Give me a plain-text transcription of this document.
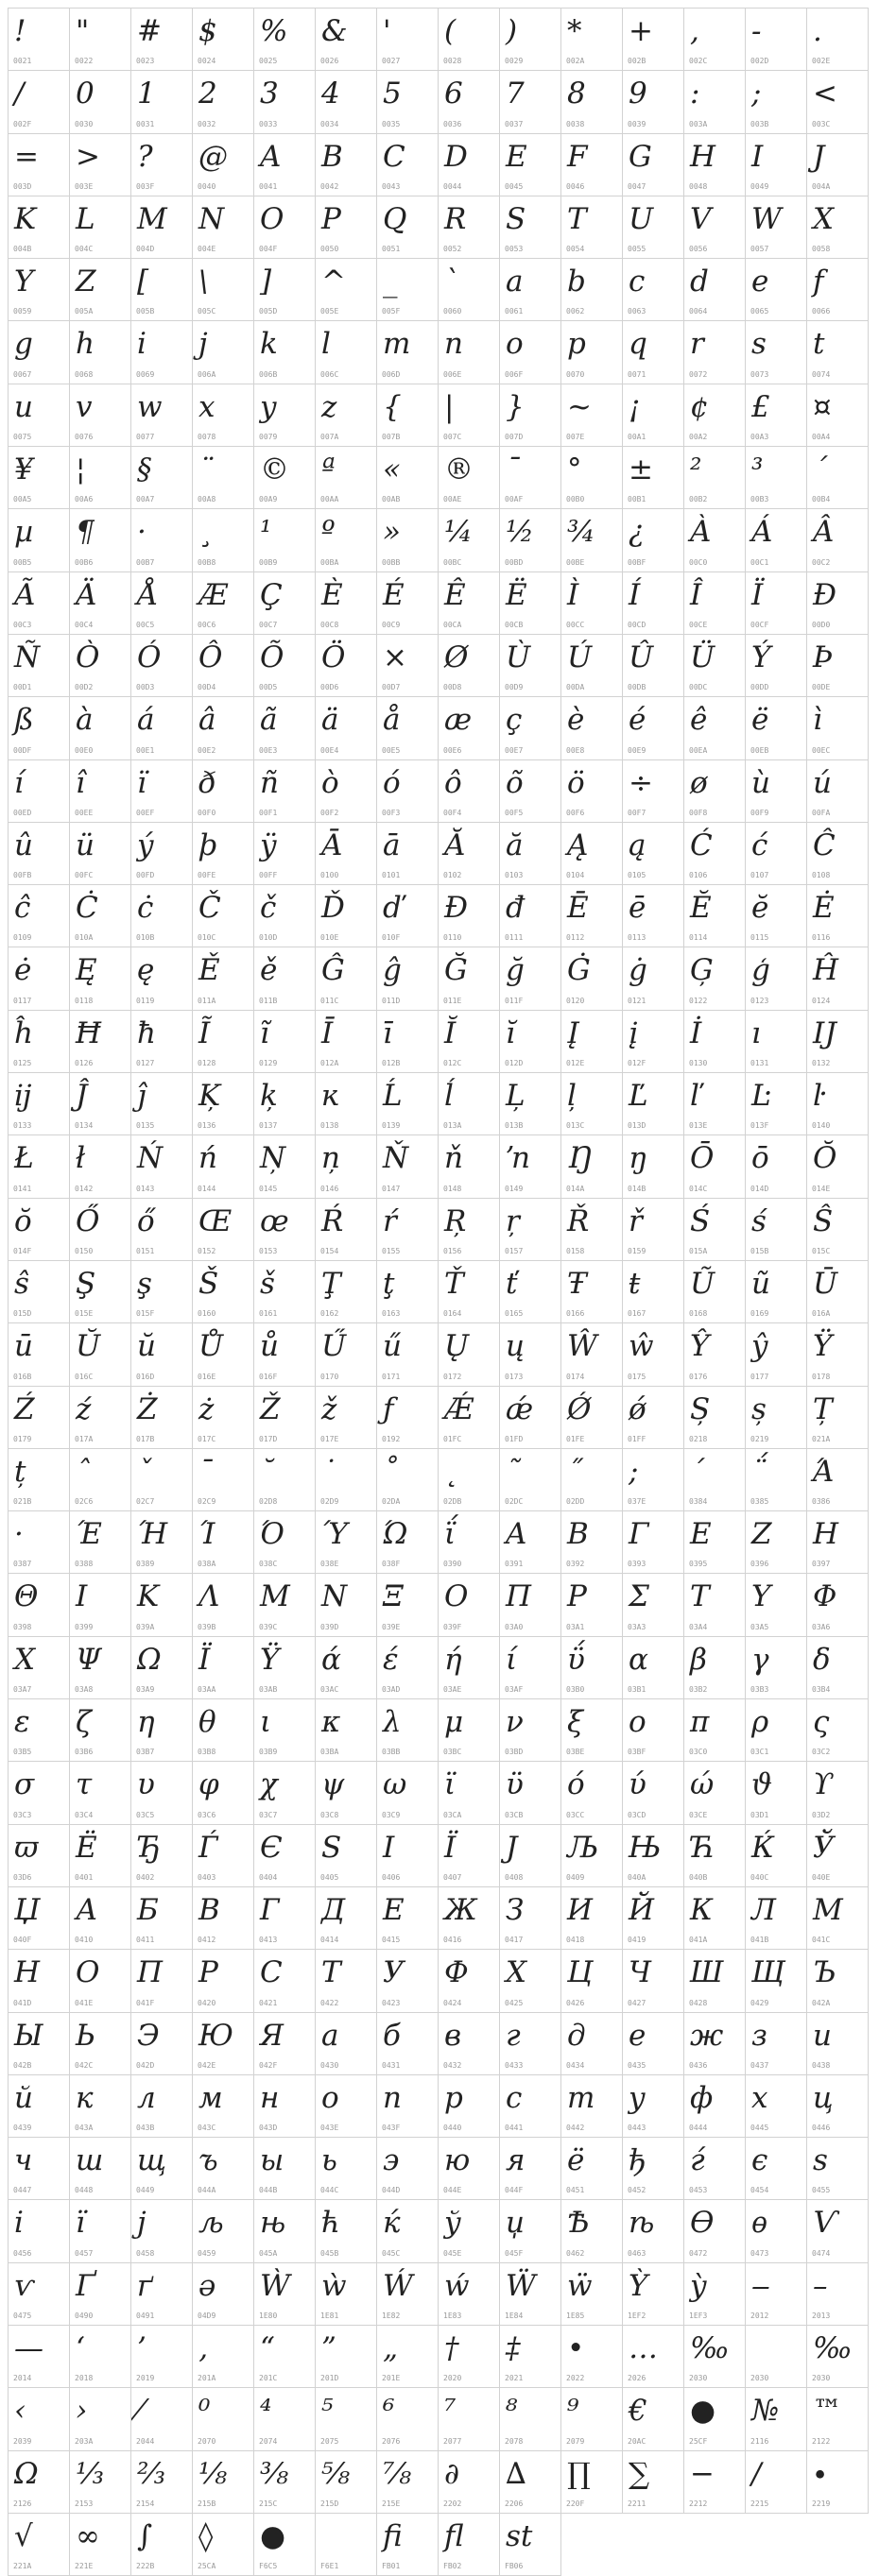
!
0021
"
0022
#
0023
$
0024
%
0025
&
0026
'
0027
(
0028
)
0029
*
002A
+
002B
,
002C
-
002D
.
002E
/
002F
0
0030
1
0031
2
0032
3
0033
4
0034
5
0035
6
0036
7
0037
8
0038
9
0039
:
003A
;
003B
<
003C
=
003D
>
003E
?
003F
@
0040
A
0041
B
0042
C
0043
D
0044
E
0045
F
0046
G
0047
H
0048
I
0049
J
004A
K
004B
L
004C
M
004D
N
004E
O
004F
P
0050
Q
0051
R
0052
S
0053
T
0054
U
0055
V
0056
W
0057
X
0058
Y
0059
Z
005A
[
005B
\
005C
]
005D
^
005E
_
005F
`
0060
a
0061
b
0062
c
0063
d
0064
e
0065
f
0066
g
0067
h
0068
i
0069
j
006A
k
006B
l
006C
m
006D
n
006E
o
006F
p
0070
q
0071
r
0072
s
0073
t
0074
u
0075
v
0076
w
0077
x
0078
y
0079
z
007A
{
007B
|
007C
}
007D
~
007E
¡
00A1
¢
00A2
£
00A3
¤
00A4
¥
00A5
¦
00A6
§
00A7
¨
00A8
©
00A9
ª
00AA
«
00AB
®
00AE
¯
00AF
°
00B0
±
00B1
²
00B2
³
00B3
´
00B4
µ
00B5
¶
00B6
·
00B7
¸
00B8
¹
00B9
º
00BA
»
00BB
¼
00BC
½
00BD
¾
00BE
¿
00BF
À
00C0
Á
00C1
Â
00C2
Ã
00C3
Ä
00C4
Å
00C5
Æ
00C6
Ç
00C7
È
00C8
É
00C9
Ê
00CA
Ë
00CB
Ì
00CC
Í
00CD
Î
00CE
Ï
00CF
Ð
00D0
Ñ
00D1
Ò
00D2
Ó
00D3
Ô
00D4
Õ
00D5
Ö
00D6
×
00D7
Ø
00D8
Ù
00D9
Ú
00DA
Û
00DB
Ü
00DC
Ý
00DD
Þ
00DE
ß
00DF
à
00E0
á
00E1
â
00E2
ã
00E3
ä
00E4
å
00E5
æ
00E6
ç
00E7
è
00E8
é
00E9
ê
00EA
ë
00EB
ì
00EC
í
00ED
î
00EE
ï
00EF
ð
00F0
ñ
00F1
ò
00F2
ó
00F3
ô
00F4
õ
00F5
ö
00F6
÷
00F7
ø
00F8
ù
00F9
ú
00FA
û
00FB
ü
00FC
ý
00FD
þ
00FE
ÿ
00FF
Ā
0100
ā
0101
Ă
0102
ă
0103
Ą
0104
ą
0105
Ć
0106
ć
0107
Ĉ
0108
ĉ
0109
Ċ
010A
ċ
010B
Č
010C
č
010D
Ď
010E
ď
010F
Đ
0110
đ
0111
Ē
0112
ē
0113
Ĕ
0114
ĕ
0115
Ė
0116
ė
0117
Ę
0118
ę
0119
Ě
011A
ě
011B
Ĝ
011C
ĝ
011D
Ğ
011E
ğ
011F
Ġ
0120
ġ
0121
Ģ
0122
ģ
0123
Ĥ
0124
ĥ
0125
Ħ
0126
ħ
0127
Ĩ
0128
ĩ
0129
Ī
012A
ī
012B
Ĭ
012C
ĭ
012D
Į
012E
į
012F
İ
0130
ı
0131
Ĳ
0132
ĳ
0133
Ĵ
0134
ĵ
0135
Ķ
0136
ķ
0137
ĸ
0138
Ĺ
0139
ĺ
013A
Ļ
013B
ļ
013C
Ľ
013D
ľ
013E
Ŀ
013F
ŀ
0140
Ł
0141
ł
0142
Ń
0143
ń
0144
Ņ
0145
ņ
0146
Ň
0147
ň
0148
ŉ
0149
Ŋ
014A
ŋ
014B
Ō
014C
ō
014D
Ŏ
014E
ŏ
014F
Ő
0150
ő
0151
Œ
0152
œ
0153
Ŕ
0154
ŕ
0155
Ŗ
0156
ŗ
0157
Ř
0158
ř
0159
Ś
015A
ś
015B
Ŝ
015C
ŝ
015D
Ş
015E
ş
015F
Š
0160
š
0161
Ţ
0162
ţ
0163
Ť
0164
ť
0165
Ŧ
0166
ŧ
0167
Ũ
0168
ũ
0169
Ū
016A
ū
016B
Ŭ
016C
ŭ
016D
Ů
016E
ů
016F
Ű
0170
ű
0171
Ų
0172
ų
0173
Ŵ
0174
ŵ
0175
Ŷ
0176
ŷ
0177
Ÿ
0178
Ź
0179
ź
017A
Ż
017B
ż
017C
Ž
017D
ž
017E
ƒ
0192
Ǽ
01FC
ǽ
01FD
Ǿ
01FE
ǿ
01FF
Ș
0218
ș
0219
Ț
021A
ț
021B
ˆ
02C6
ˇ
02C7
ˉ
02C9
˘
02D8
˙
02D9
˚
02DA
˛
02DB
˜
02DC
˝
02DD
;
037E
΄
0384
΅
0385
Ά
0386
·
0387
Έ
0388
Ή
0389
Ί
038A
Ό
038C
Ύ
038E
Ώ
038F
ΐ
0390
Α
0391
Β
0392
Γ
0393
Ε
0395
Ζ
0396
Η
0397
Θ
0398
Ι
0399
Κ
039A
Λ
039B
Μ
039C
Ν
039D
Ξ
039E
Ο
039F
Π
03A0
Ρ
03A1
Σ
03A3
Τ
03A4
Υ
03A5
Φ
03A6
Χ
03A7
Ψ
03A8
Ω
03A9
Ϊ
03AA
Ϋ
03AB
ά
03AC
έ
03AD
ή
03AE
ί
03AF
ΰ
03B0
α
03B1
β
03B2
γ
03B3
δ
03B4
ε
03B5
ζ
03B6
η
03B7
θ
03B8
ι
03B9
κ
03BA
λ
03BB
μ
03BC
ν
03BD
ξ
03BE
ο
03BF
π
03C0
ρ
03C1
ς
03C2
σ
03C3
τ
03C4
υ
03C5
φ
03C6
χ
03C7
ψ
03C8
ω
03C9
ϊ
03CA
ϋ
03CB
ό
03CC
ύ
03CD
ώ
03CE
ϑ
03D1
ϒ
03D2
ϖ
03D6
Ё
0401
Ђ
0402
Ѓ
0403
Є
0404
Ѕ
0405
І
0406
Ї
0407
Ј
0408
Љ
0409
Њ
040A
Ћ
040B
Ќ
040C
Ў
040E
Џ
040F
А
0410
Б
0411
В
0412
Г
0413
Д
0414
Е
0415
Ж
0416
З
0417
И
0418
Й
0419
К
041A
Л
041B
М
041C
Н
041D
О
041E
П
041F
Р
0420
С
0421
Т
0422
У
0423
Ф
0424
Х
0425
Ц
0426
Ч
0427
Ш
0428
Щ
0429
Ъ
042A
Ы
042B
Ь
042C
Э
042D
Ю
042E
Я
042F
а
0430
б
0431
в
0432
г
0433
д
0434
е
0435
ж
0436
з
0437
и
0438
й
0439
к
043A
л
043B
м
043C
н
043D
о
043E
п
043F
р
0440
с
0441
т
0442
у
0443
ф
0444
х
0445
ц
0446
ч
0447
ш
0448
щ
0449
ъ
044A
ы
044B
ь
044C
э
044D
ю
044E
я
044F
ё
0451
ђ
0452
ѓ
0453
є
0454
ѕ
0455
і
0456
ї
0457
ј
0458
љ
0459
њ
045A
ћ
045B
ќ
045C
ў
045E
џ
045F
Ѣ
0462
ѣ
0463
Ѳ
0472
ѳ
0473
Ѵ
0474
ѵ
0475
Ґ
0490
ґ
0491
ә
04D9
Ẁ
1E80
ẁ
1E81
Ẃ
1E82
ẃ
1E83
Ẅ
1E84
ẅ
1E85
Ỳ
1EF2
ỳ
1EF3
‒
2012
–
2013
—
2014
‘
2018
’
2019
‚
201A
“
201C
”
201D
„
201E
†
2020
‡
2021
•
2022
…
2026
‰
2030	2030
‰
2030
‹
2039
›
203A
⁄
2044
⁰
2070
⁴
2074
⁵
2075
⁶
2076
⁷
2077
⁸
2078
⁹
2079
€
20AC
●
25CF
№
2116
™
2122
Ω
2126
⅓
2153
⅔
2154
⅛
215B
⅜
215C
⅝
215D
⅞
215E
∂
2202
∆
2206
∏
220F
∑
2211
−
2212
∕
2215
∙
2219
√
221A
∞
221E
∫
222B
◊
25CA
●
F6C5	F6E1
ﬁ
FB01
ﬂ
FB02
st
FB06
